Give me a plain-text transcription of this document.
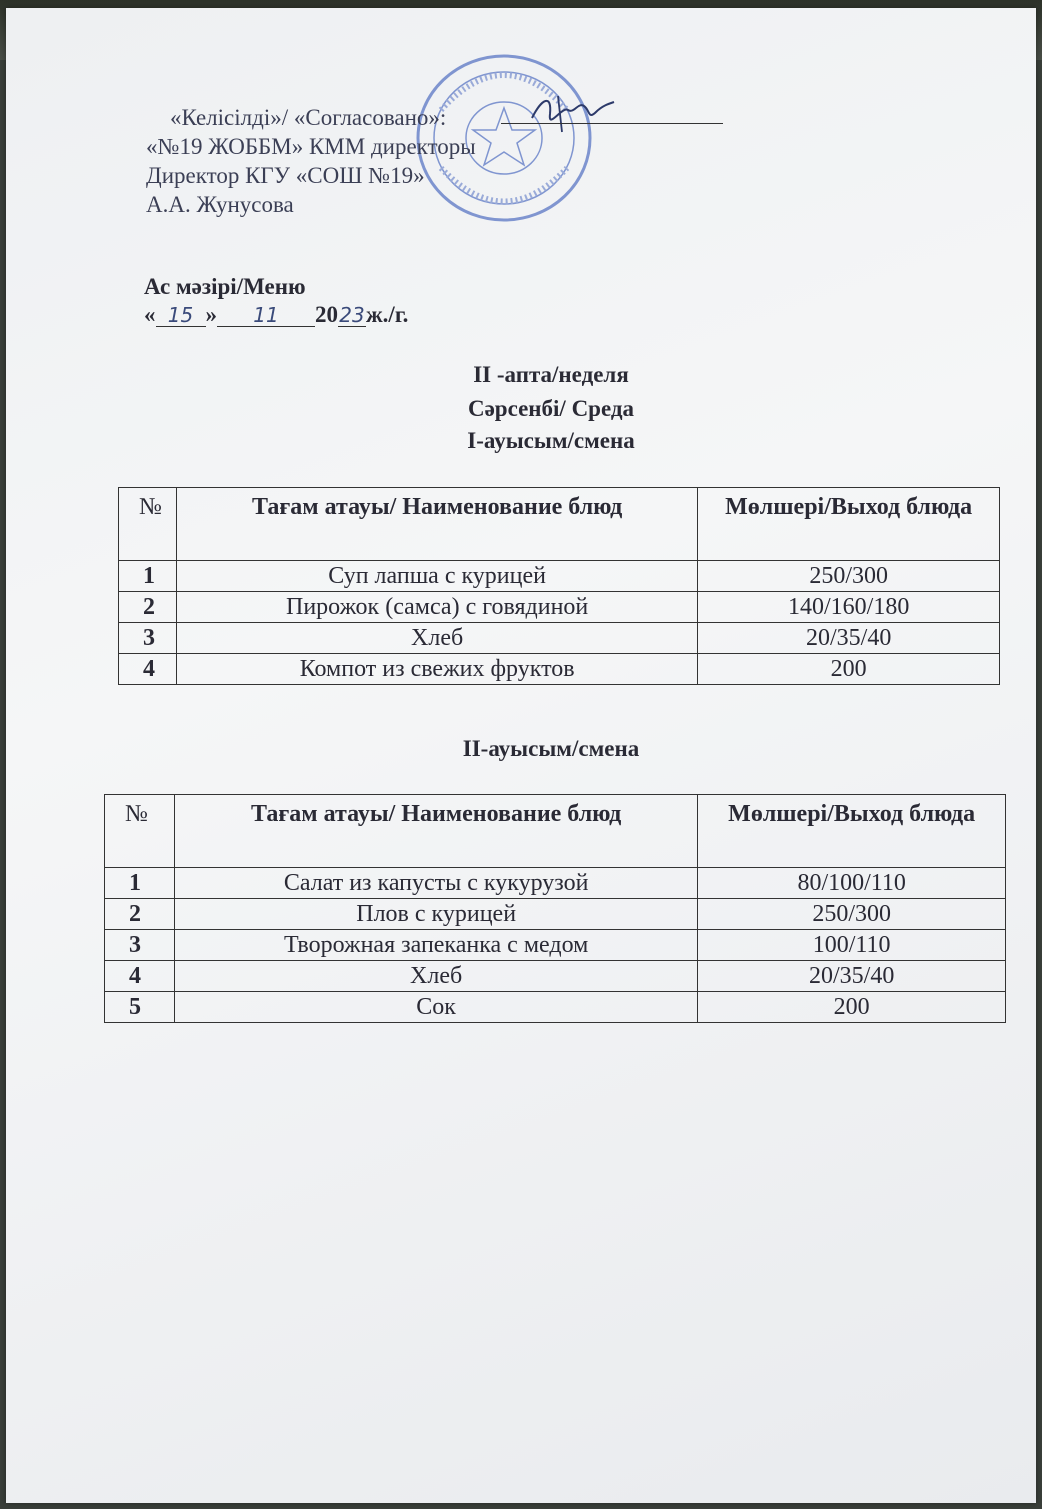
«Келісілді»/ «Согласовано»:
«№19 ЖОББМ» КММ директоры
Директор КГУ «СОШ №19»
А.А. Жунусова
Ас мәзірі/Меню
« 15 » 11 2023ж./г.
II -апта/неделя
Сәрсенбі/ Среда
I-ауысым/смена
№	Тағам атауы/ Наименование блюд	Мөлшері/Выход блюда
1	Суп лапша с курицей	250/300
2	Пирожок (самса) с говядиной	140/160/180
3	Хлеб	20/35/40
4	Компот из свежих фруктов	200
II-ауысым/смена
№	Тағам атауы/ Наименование блюд	Мөлшері/Выход блюда
1	Салат из капусты с кукурузой	80/100/110
2	Плов с курицей	250/300
3	Творожная запеканка с медом	100/110
4	Хлеб	20/35/40
5	Сок	200
